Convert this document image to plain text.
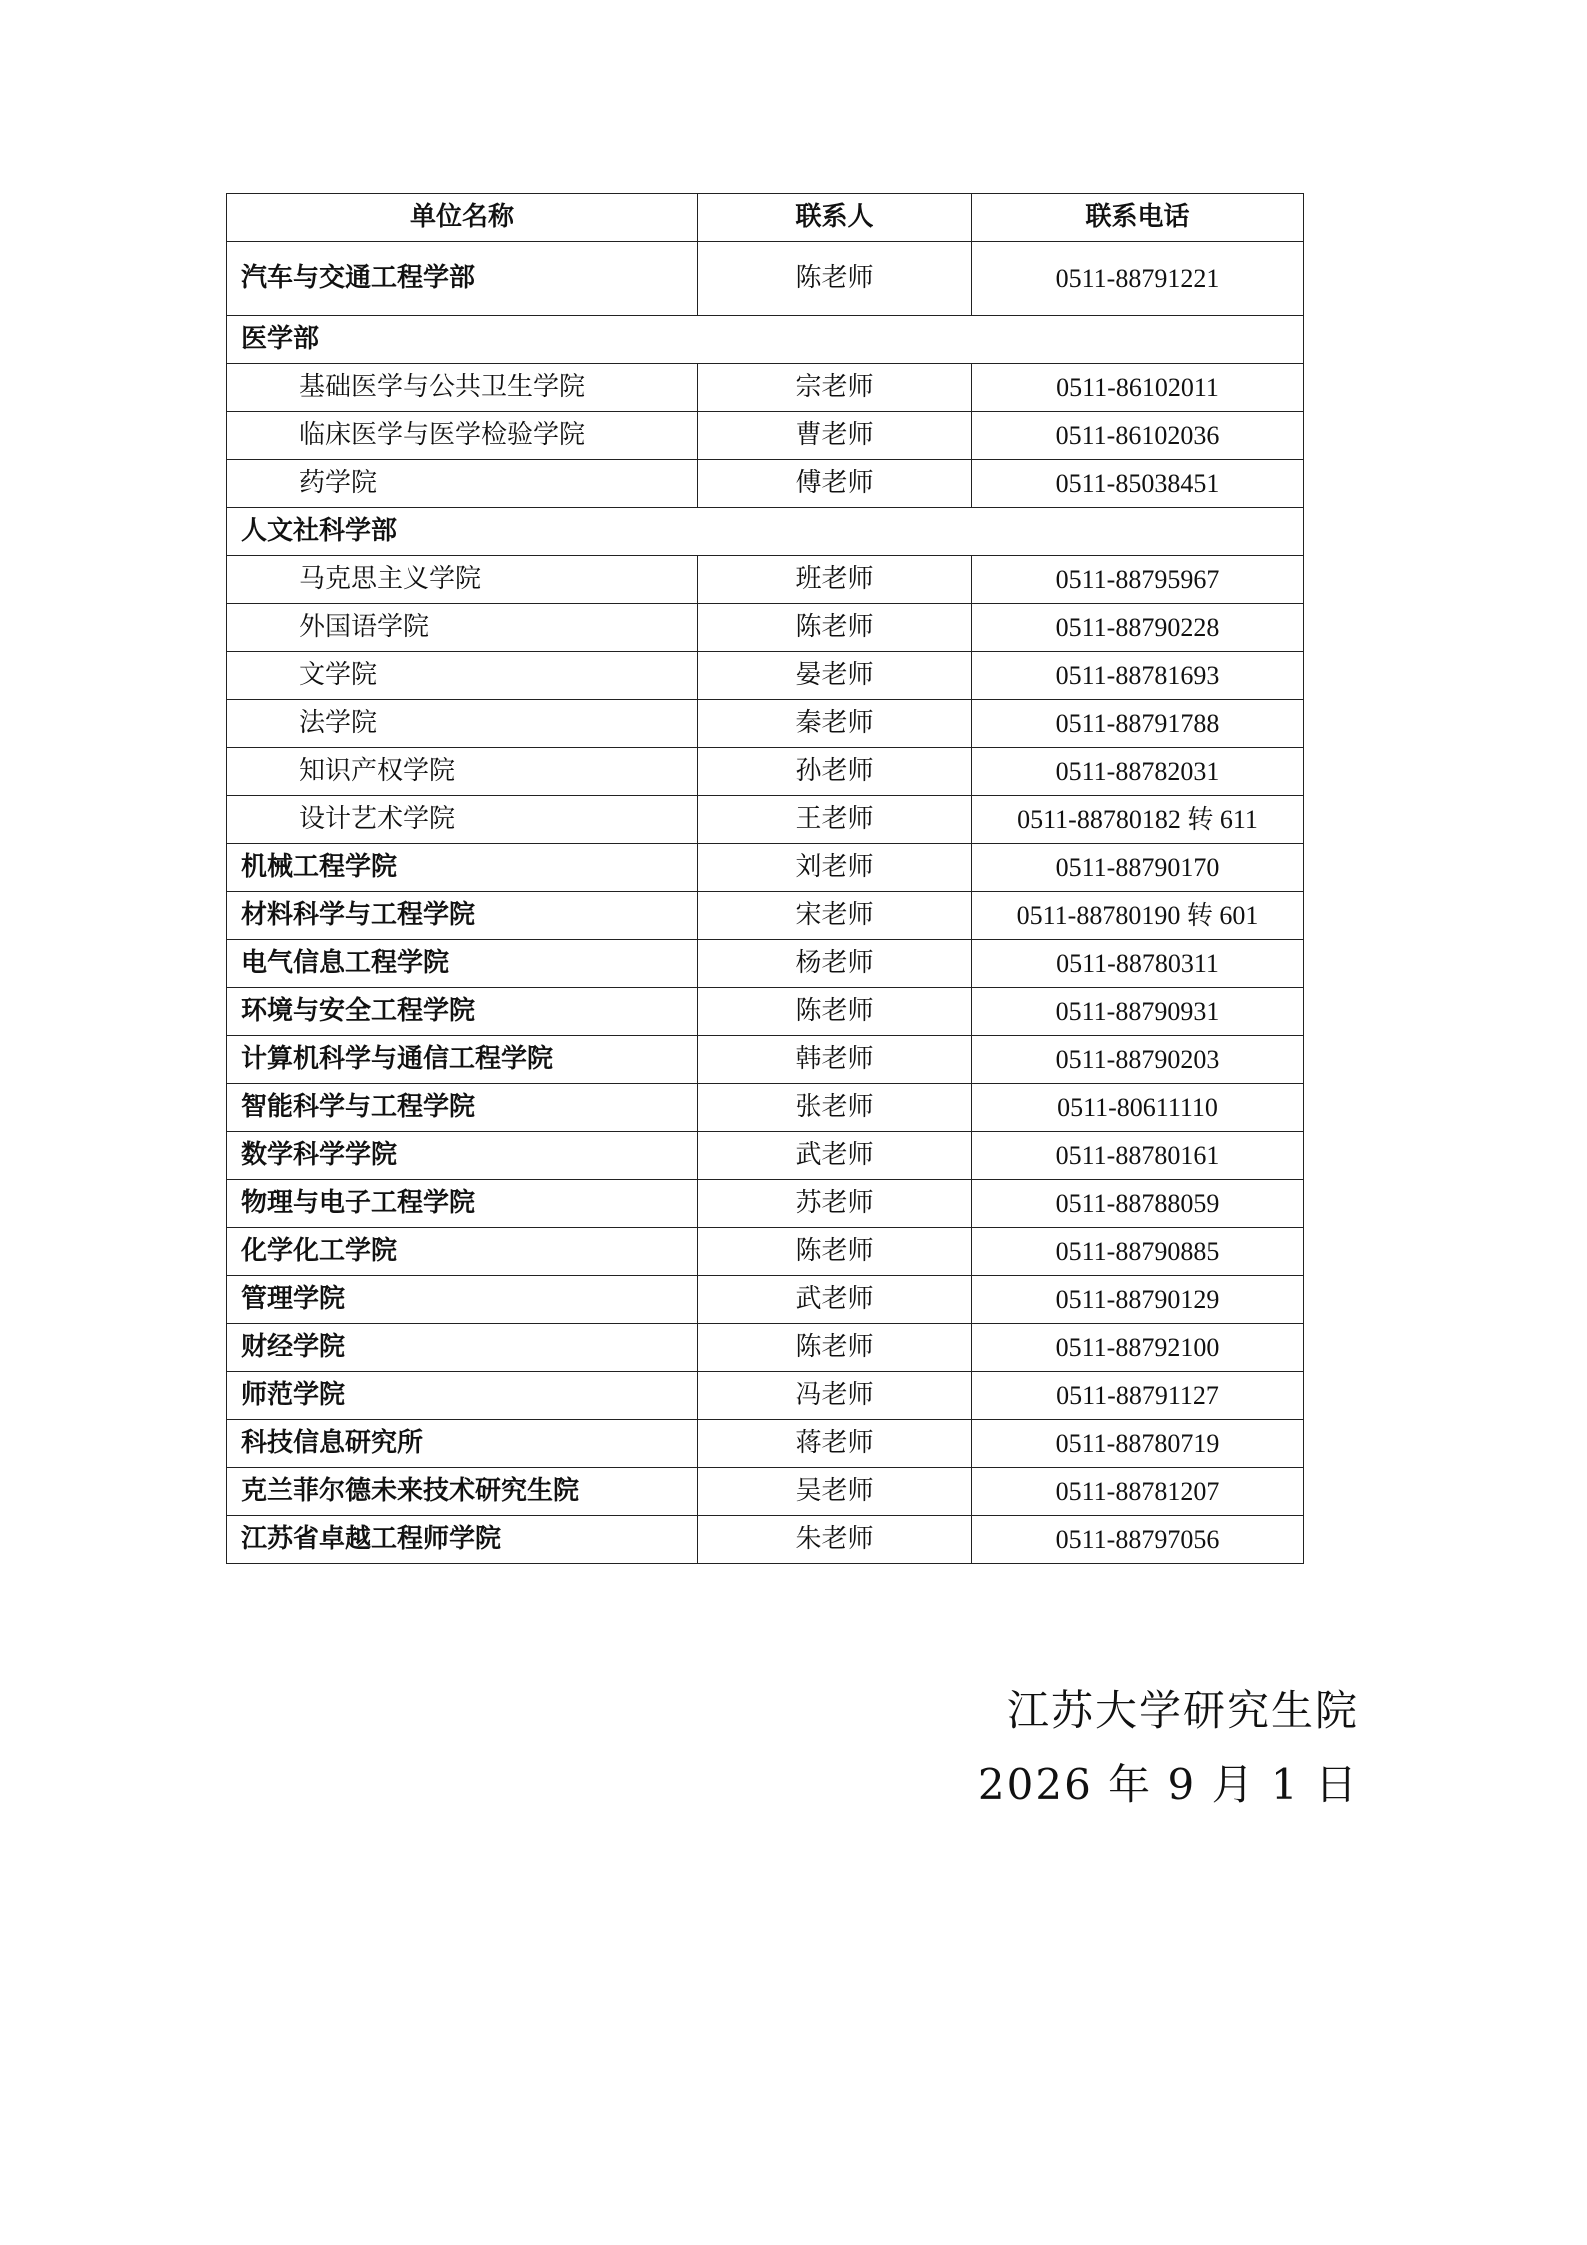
单位名称	联系人	联系电话
汽车与交通工程学部	陈老师	0511-88791221
医学部		
基础医学与公共卫生学院	宗老师	0511-86102011
临床医学与医学检验学院	曹老师	0511-86102036
药学院	傅老师	0511-85038451
人文社科学部		
马克思主义学院	班老师	0511-88795967
外国语学院	陈老师	0511-88790228
文学院	晏老师	0511-88781693
法学院	秦老师	0511-88791788
知识产权学院	孙老师	0511-88782031
设计艺术学院	王老师	0511-88780182 转 611
机械工程学院	刘老师	0511-88790170
材料科学与工程学院	宋老师	0511-88780190 转 601
电气信息工程学院	杨老师	0511-88780311
环境与安全工程学院	陈老师	0511-88790931
计算机科学与通信工程学院	韩老师	0511-88790203
智能科学与工程学院	张老师	0511-80611110
数学科学学院	武老师	0511-88780161
物理与电子工程学院	苏老师	0511-88788059
化学化工学院	陈老师	0511-88790885
管理学院	武老师	0511-88790129
财经学院	陈老师	0511-88792100
师范学院	冯老师	0511-88791127
科技信息研究所	蒋老师	0511-88780719
克兰菲尔德未来技术研究生院	吴老师	0511-88781207
江苏省卓越工程师学院	朱老师	0511-88797056
江苏大学研究生院
2026 年 9 月 1 日
